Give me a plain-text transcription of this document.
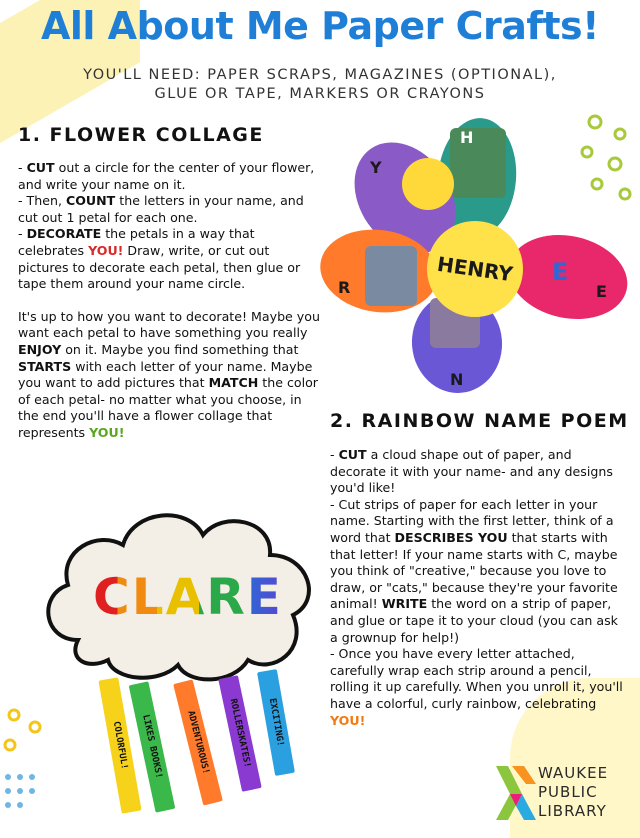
All About Me Paper Crafts!
YOU'LL NEED: PAPER SCRAPS, MAGAZINES (OPTIONAL),
GLUE OR TAPE, MARKERS OR CRAYONS
1. FLOWER COLLAGE

- CUT out a circle for the center of your flower, and write your name on it.

- Then, COUNT the letters in your name, and cut out 1 petal for each one.

- DECORATE the petals in a way that celebrates YOU! Draw, write, or cut out pictures to decorate each petal, then glue or tape them around your name circle.

It's up to how you want to decorate! Maybe you want each petal to have something you really ENJOY on it. Maybe you find something that STARTS with each letter of your name. Maybe you want to add pictures that MATCH the color of each petal- no matter what you choose, in the end you'll have a flower collage that represents YOU!

HENRY
H
Y
R
N
E
E
2. RAINBOW NAME POEM

- CUT a cloud shape out of paper, and decorate it with your name- and any designs you'd like!

- Cut strips of paper for each letter in your name. Starting with the first letter, think of a word that DESCRIBES YOU that starts with that letter! If your name starts with C, maybe you think of "creative," because you love to draw, or "cats," because they're your favorite animal! WRITE the word on a strip of paper, and glue or tape it to your cloud (you can ask a grownup for help!)

- Once you have every letter attached, carefully wrap each strip around a pencil, rolling it up carefully. When you unroll it, you'll have a colorful, curly rainbow, celebrating YOU!

CLARE
COLORFUL!	LIKES BOOKS!	ADVENTUROUS!	ROLLERSKATES!	EXCITING!
WAUKEE
PUBLIC
LIBRARY
